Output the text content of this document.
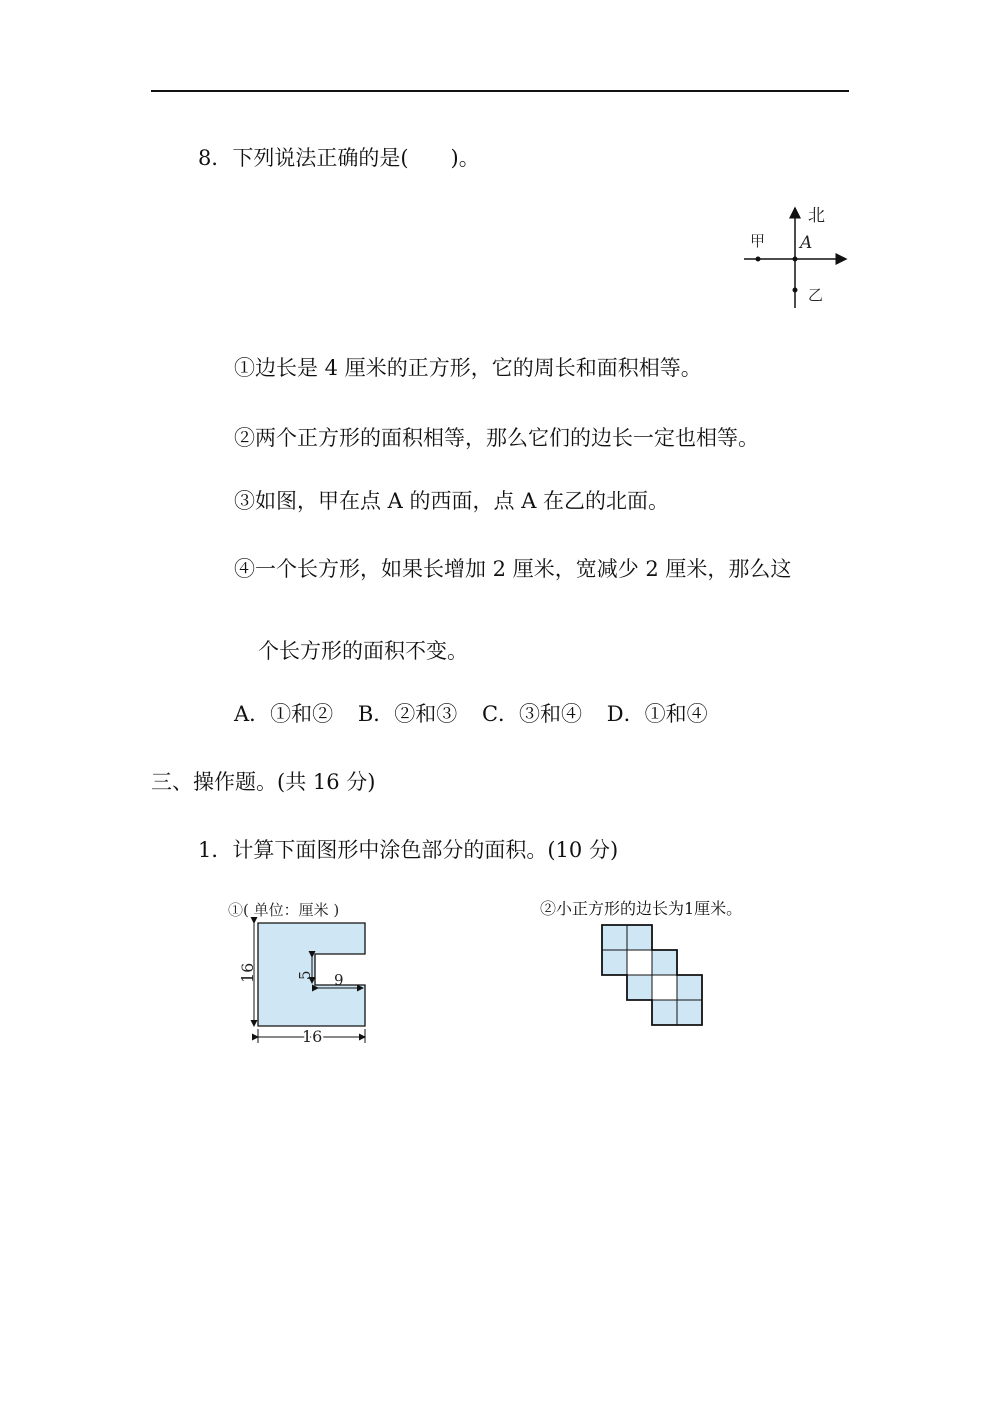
8．下列说法正确的是(　　)。
北
A
甲
乙
①边长是 4 厘米的正方形，它的周长和面积相等。
②两个正方形的面积相等，那么它们的边长一定也相等。
③如图，甲在点 A 的西面，点 A 在乙的北面。
④一个长方形，如果长增加 2 厘米，宽减少 2 厘米，那么这
个长方形的面积不变。
A．①和② B．②和③ C．③和④ D．①和④
三、操作题。(共 16 分)
1．计算下面图形中涂色部分的面积。(10 分)
①( 单位：厘米 )
16	5 9
16
②小正方形的边长为1厘米。
